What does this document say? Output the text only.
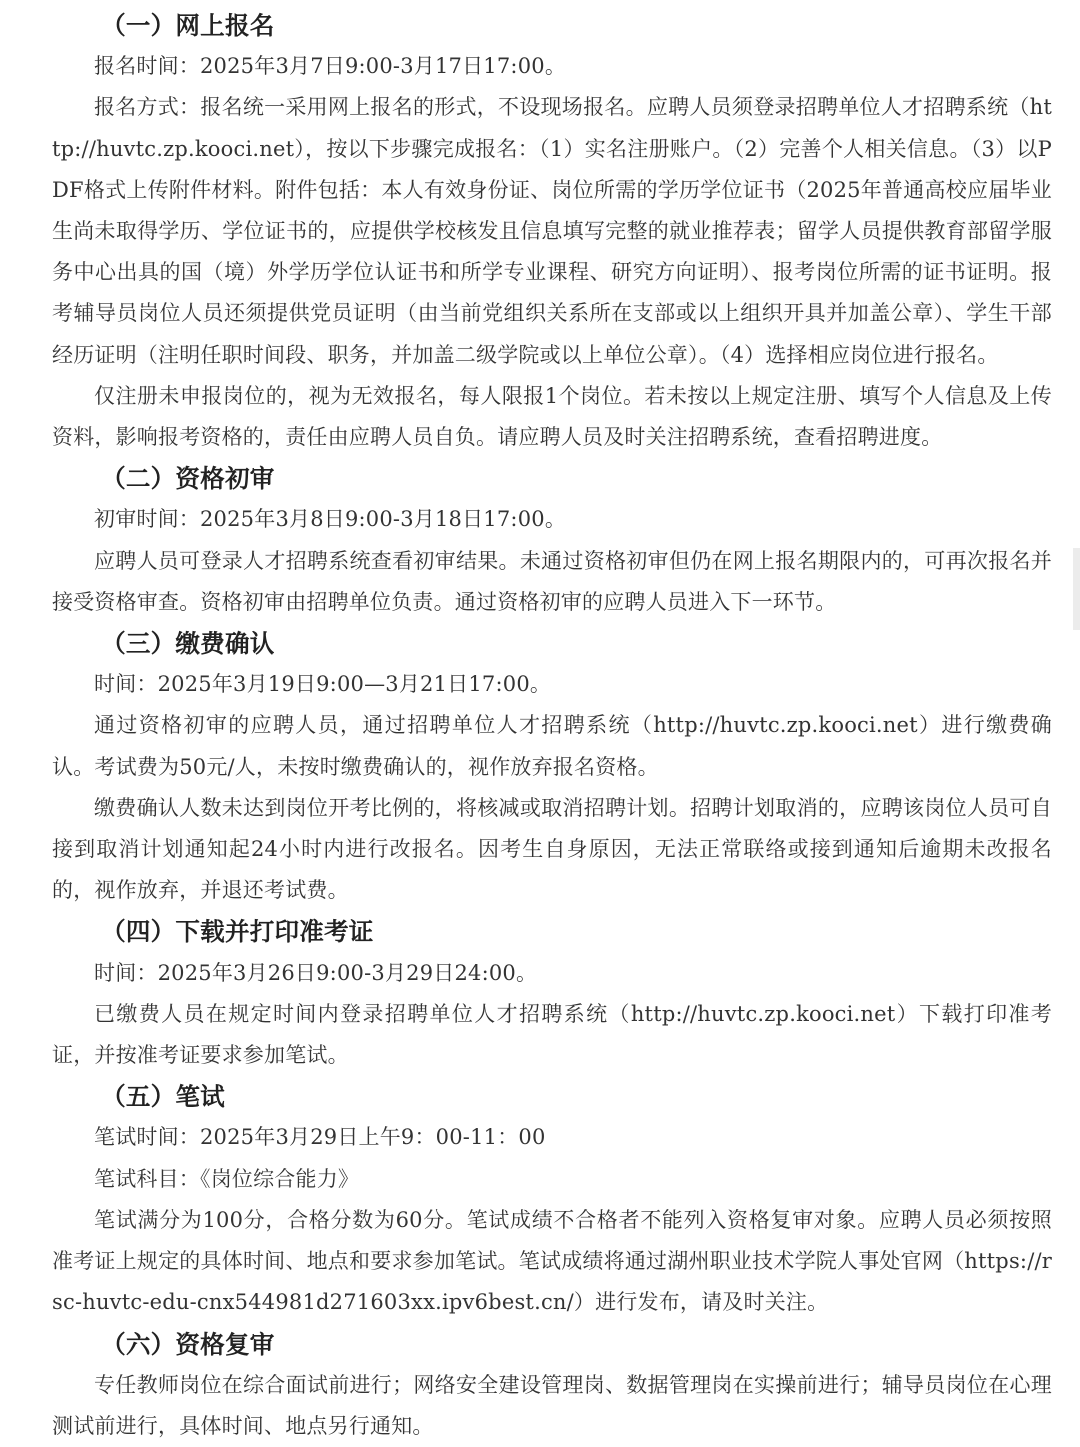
（一）网上报名

报名时间：2025年3月7日9:00-3月17日17:00。

报名方式：报名统一采用网上报名的形式，不设现场报名。应聘人员须登录招聘单位人才招聘系统（http://huvtc.zp.kooci.net），按以下步骤完成报名：（1）实名注册账户。（2）完善个人相关信息。（3）以PDF格式上传附件材料。附件包括：本人有效身份证、岗位所需的学历学位证书（2025年普通高校应届毕业生尚未取得学历、学位证书的，应提供学校核发且信息填写完整的就业推荐表；留学人员提供教育部留学服务中心出具的国（境）外学历学位认证书和所学专业课程、研究方向证明）、报考岗位所需的证书证明。报考辅导员岗位人员还须提供党员证明（由当前党组织关系所在支部或以上组织开具并加盖公章）、学生干部经历证明（注明任职时间段、职务，并加盖二级学院或以上单位公章）。（4）选择相应岗位进行报名。

仅注册未申报岗位的，视为无效报名，每人限报1个岗位。若未按以上规定注册、填写个人信息及上传资料，影响报考资格的，责任由应聘人员自负。请应聘人员及时关注招聘系统，查看招聘进度。

（二）资格初审

初审时间：2025年3月8日9:00-3月18日17:00。

应聘人员可登录人才招聘系统查看初审结果。未通过资格初审但仍在网上报名期限内的，可再次报名并接受资格审查。资格初审由招聘单位负责。通过资格初审的应聘人员进入下一环节。

（三）缴费确认

时间：2025年3月19日9:00—3月21日17:00。

通过资格初审的应聘人员，通过招聘单位人才招聘系统（http://huvtc.zp.kooci.net）进行缴费确认。考试费为50元/人，未按时缴费确认的，视作放弃报名资格。

缴费确认人数未达到岗位开考比例的，将核减或取消招聘计划。招聘计划取消的，应聘该岗位人员可自接到取消计划通知起24小时内进行改报名。因考生自身原因，无法正常联络或接到通知后逾期未改报名的，视作放弃，并退还考试费。

（四）下载并打印准考证

时间：2025年3月26日9:00-3月29日24:00。

已缴费人员在规定时间内登录招聘单位人才招聘系统（http://huvtc.zp.kooci.net）下载打印准考证，并按准考证要求参加笔试。

（五）笔试

笔试时间：2025年3月29日上午9：00-11：00

笔试科目：《岗位综合能力》

笔试满分为100分，合格分数为60分。笔试成绩不合格者不能列入资格复审对象。应聘人员必须按照准考证上规定的具体时间、地点和要求参加笔试。笔试成绩将通过湖州职业技术学院人事处官网（https://rsc-huvtc-edu-cnx544981d271603xx.ipv6best.cn/）进行发布，请及时关注。

（六）资格复审

专任教师岗位在综合面试前进行；网络安全建设管理岗、数据管理岗在实操前进行；辅导员岗位在心理测试前进行，具体时间、地点另行通知。
